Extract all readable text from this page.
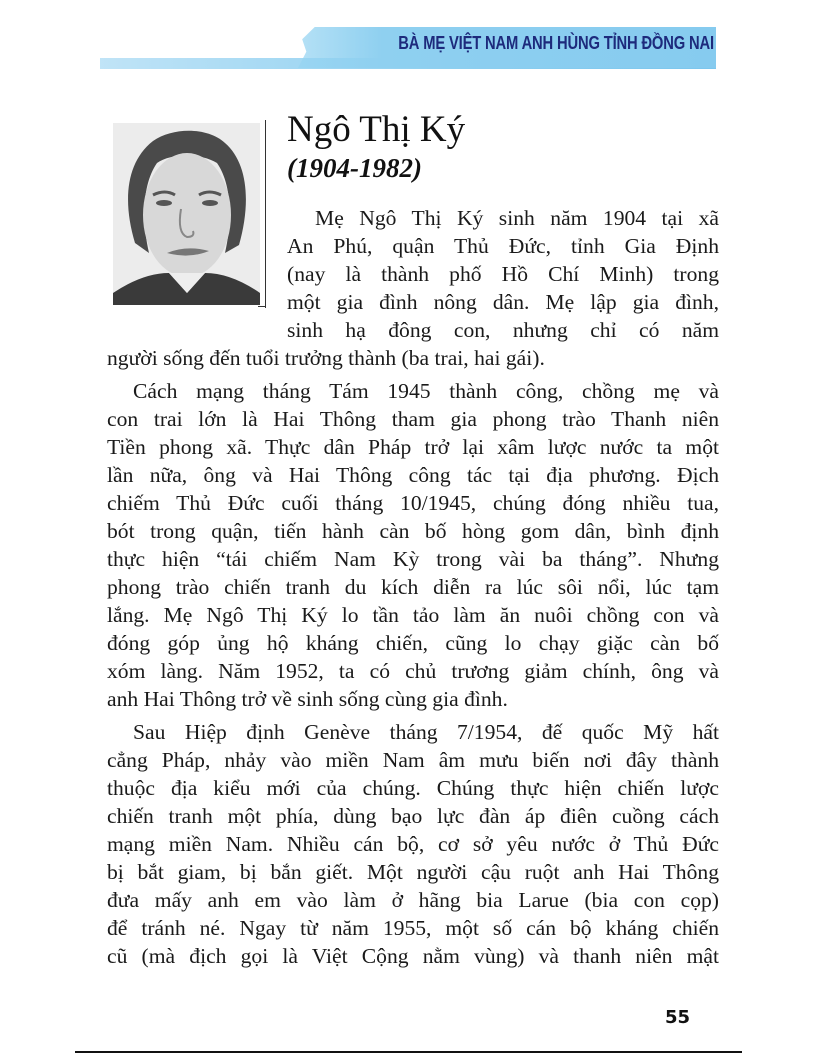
BÀ MẸ VIỆT NAM ANH HÙNG TỈNH ĐỒNG NAI
Ngô Thị Ký
(1904-1982)
Mẹ Ngô Thị Ký sinh năm 1904 tại xã
An Phú, quận Thủ Đức, tỉnh Gia Định
(nay là thành phố Hồ Chí Minh) trong
một gia đình nông dân. Mẹ lập gia đình,
sinh hạ đông con, nhưng chỉ có năm
người sống đến tuổi trưởng thành (ba trai, hai gái).
Cách mạng tháng Tám 1945 thành công, chồng mẹ và
con trai lớn là Hai Thông tham gia phong trào Thanh niên
Tiền phong xã. Thực dân Pháp trở lại xâm lược nước ta một
lần nữa, ông và Hai Thông công tác tại địa phương. Địch
chiếm Thủ Đức cuối tháng 10/1945, chúng đóng nhiều tua,
bót trong quận, tiến hành càn bố hòng gom dân, bình định
thực hiện “tái chiếm Nam Kỳ trong vài ba tháng”. Nhưng
phong trào chiến tranh du kích diễn ra lúc sôi nổi, lúc tạm
lắng. Mẹ Ngô Thị Ký lo tần tảo làm ăn nuôi chồng con và
đóng góp ủng hộ kháng chiến, cũng lo chạy giặc càn bố
xóm làng. Năm 1952, ta có chủ trương giảm chính, ông và
anh Hai Thông trở về sinh sống cùng gia đình.
Sau Hiệp định Genève tháng 7/1954, đế quốc Mỹ hất
cẳng Pháp, nhảy vào miền Nam âm mưu biến nơi đây thành
thuộc địa kiểu mới của chúng. Chúng thực hiện chiến lược
chiến tranh một phía, dùng bạo lực đàn áp điên cuồng cách
mạng miền Nam. Nhiều cán bộ, cơ sở yêu nước ở Thủ Đức
bị bắt giam, bị bắn giết. Một người cậu ruột anh Hai Thông
đưa mấy anh em vào làm ở hãng bia Larue (bia con cọp)
để tránh né. Ngay từ năm 1955, một số cán bộ kháng chiến
cũ (mà địch gọi là Việt Cộng nằm vùng) và thanh niên mật
55
